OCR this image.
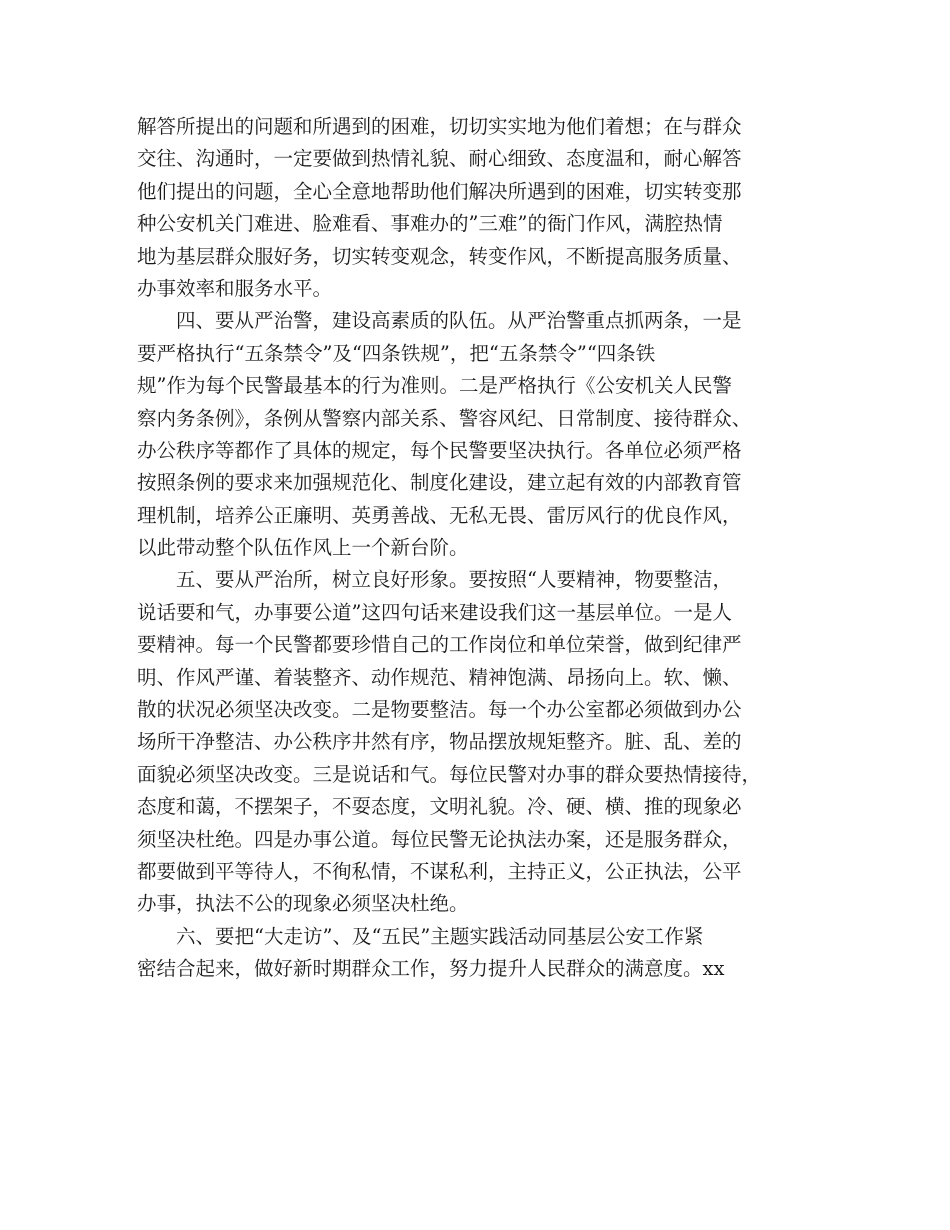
解答所提出的问题和所遇到的困难，切切实实地为他们着想；在与群众
交往、沟通时，一定要做到热情礼貌、耐心细致、态度温和，耐心解答
他们提出的问题，全心全意地帮助他们解决所遇到的困难，切实转变那
种公安机关门难进、脸难看、事难办的”三难”的衙门作风，满腔热情
地为基层群众服好务，切实转变观念，转变作风，不断提高服务质量、
办事效率和服务水平。
　　四、要从严治警，建设高素质的队伍。从严治警重点抓两条，一是
要严格执行“五条禁令”及“四条铁规”，把“五条禁令”“四条铁
规”作为每个民警最基本的行为准则。二是严格执行《公安机关人民警
察内务条例》，条例从警察内部关系、警容风纪、日常制度、接待群众、
办公秩序等都作了具体的规定，每个民警要坚决执行。各单位必须严格
按照条例的要求来加强规范化、制度化建设，建立起有效的内部教育管
理机制，培养公正廉明、英勇善战、无私无畏、雷厉风行的优良作风，
以此带动整个队伍作风上一个新台阶。
　　五、要从严治所，树立良好形象。要按照“人要精神，物要整洁，
说话要和气，办事要公道”这四句话来建设我们这一基层单位。一是人
要精神。每一个民警都要珍惜自己的工作岗位和单位荣誉，做到纪律严
明、作风严谨、着装整齐、动作规范、精神饱满、昂扬向上。软、懒、
散的状况必须坚决改变。二是物要整洁。每一个办公室都必须做到办公
场所干净整洁、办公秩序井然有序，物品摆放规矩整齐。脏、乱、差的
面貌必须坚决改变。三是说话和气。每位民警对办事的群众要热情接待，
态度和蔼，不摆架子，不耍态度，文明礼貌。冷、硬、横、推的现象必
须坚决杜绝。四是办事公道。每位民警无论执法办案，还是服务群众，
都要做到平等待人，不徇私情，不谋私利，主持正义，公正执法，公平
办事，执法不公的现象必须坚决杜绝。
　　六、要把“大走访”、及“五民”主题实践活动同基层公安工作紧
密结合起来，做好新时期群众工作，努力提升人民群众的满意度。xx
